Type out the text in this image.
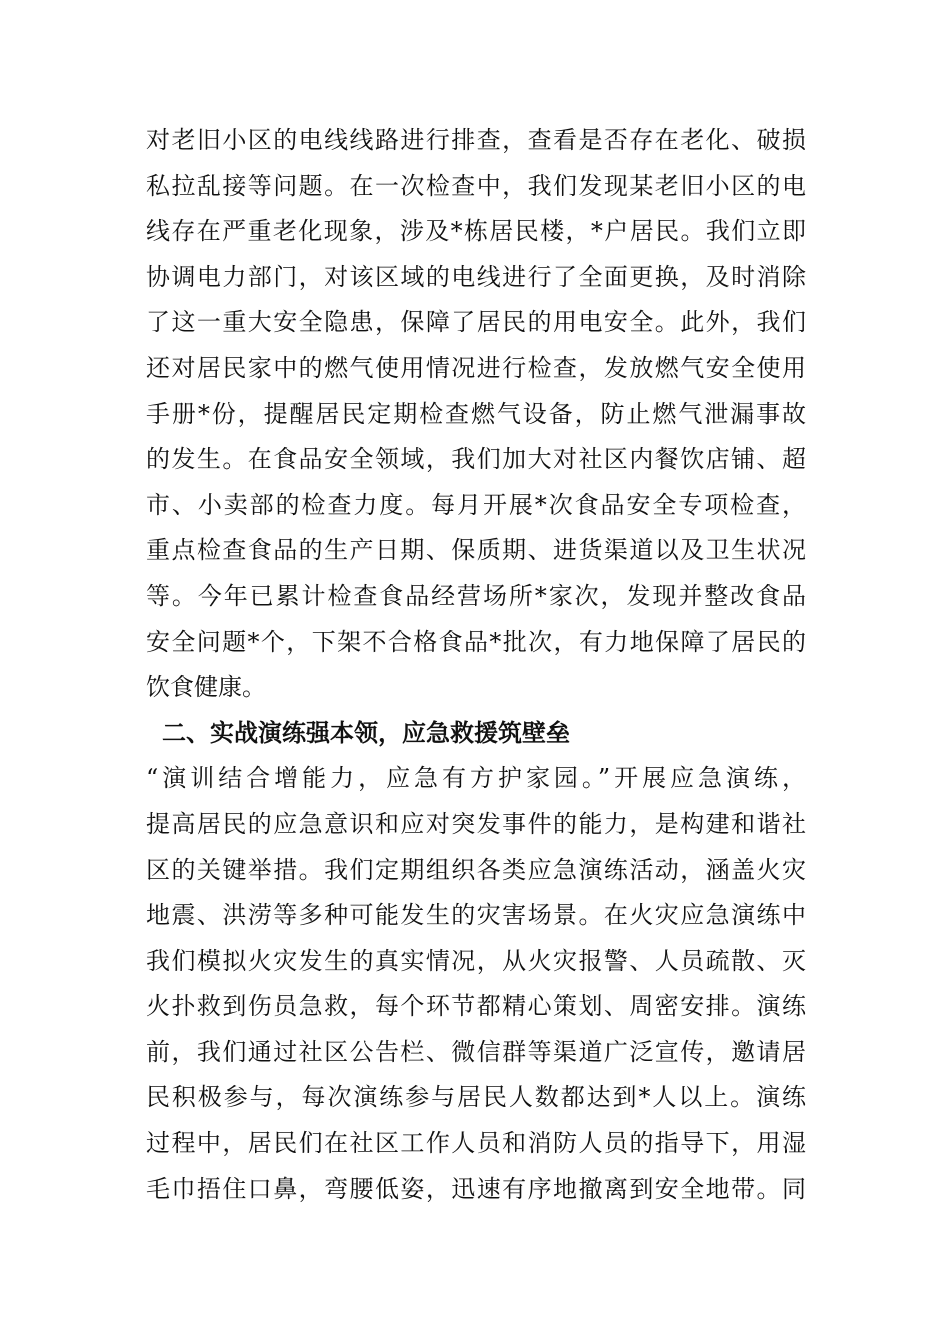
对老旧小区的电线线路进行排查，查看是否存在老化、破损
私拉乱接等问题。在一次检查中，我们发现某老旧小区的电
线存在严重老化现象，涉及*栋居民楼，*户居民。我们立即
协调电力部门，对该区域的电线进行了全面更换，及时消除
了这一重大安全隐患，保障了居民的用电安全。此外，我们
还对居民家中的燃气使用情况进行检查，发放燃气安全使用
手册*份，提醒居民定期检查燃气设备，防止燃气泄漏事故
的发生。在食品安全领域，我们加大对社区内餐饮店铺、超
市、小卖部的检查力度。每月开展*次食品安全专项检查，
重点检查食品的生产日期、保质期、进货渠道以及卫生状况
等。今年已累计检查食品经营场所*家次，发现并整改食品
安全问题*个，下架不合格食品*批次，有力地保障了居民的
饮食健康。
二、实战演练强本领，应急救援筑壁垒
“演训结合增能力，应急有方护家园。”开展应急演练，
提高居民的应急意识和应对突发事件的能力，是构建和谐社
区的关键举措。我们定期组织各类应急演练活动，涵盖火灾
地震、洪涝等多种可能发生的灾害场景。在火灾应急演练中
我们模拟火灾发生的真实情况，从火灾报警、人员疏散、灭
火扑救到伤员急救，每个环节都精心策划、周密安排。演练
前，我们通过社区公告栏、微信群等渠道广泛宣传，邀请居
民积极参与，每次演练参与居民人数都达到*人以上。演练
过程中，居民们在社区工作人员和消防人员的指导下，用湿
毛巾捂住口鼻，弯腰低姿，迅速有序地撤离到安全地带。同
